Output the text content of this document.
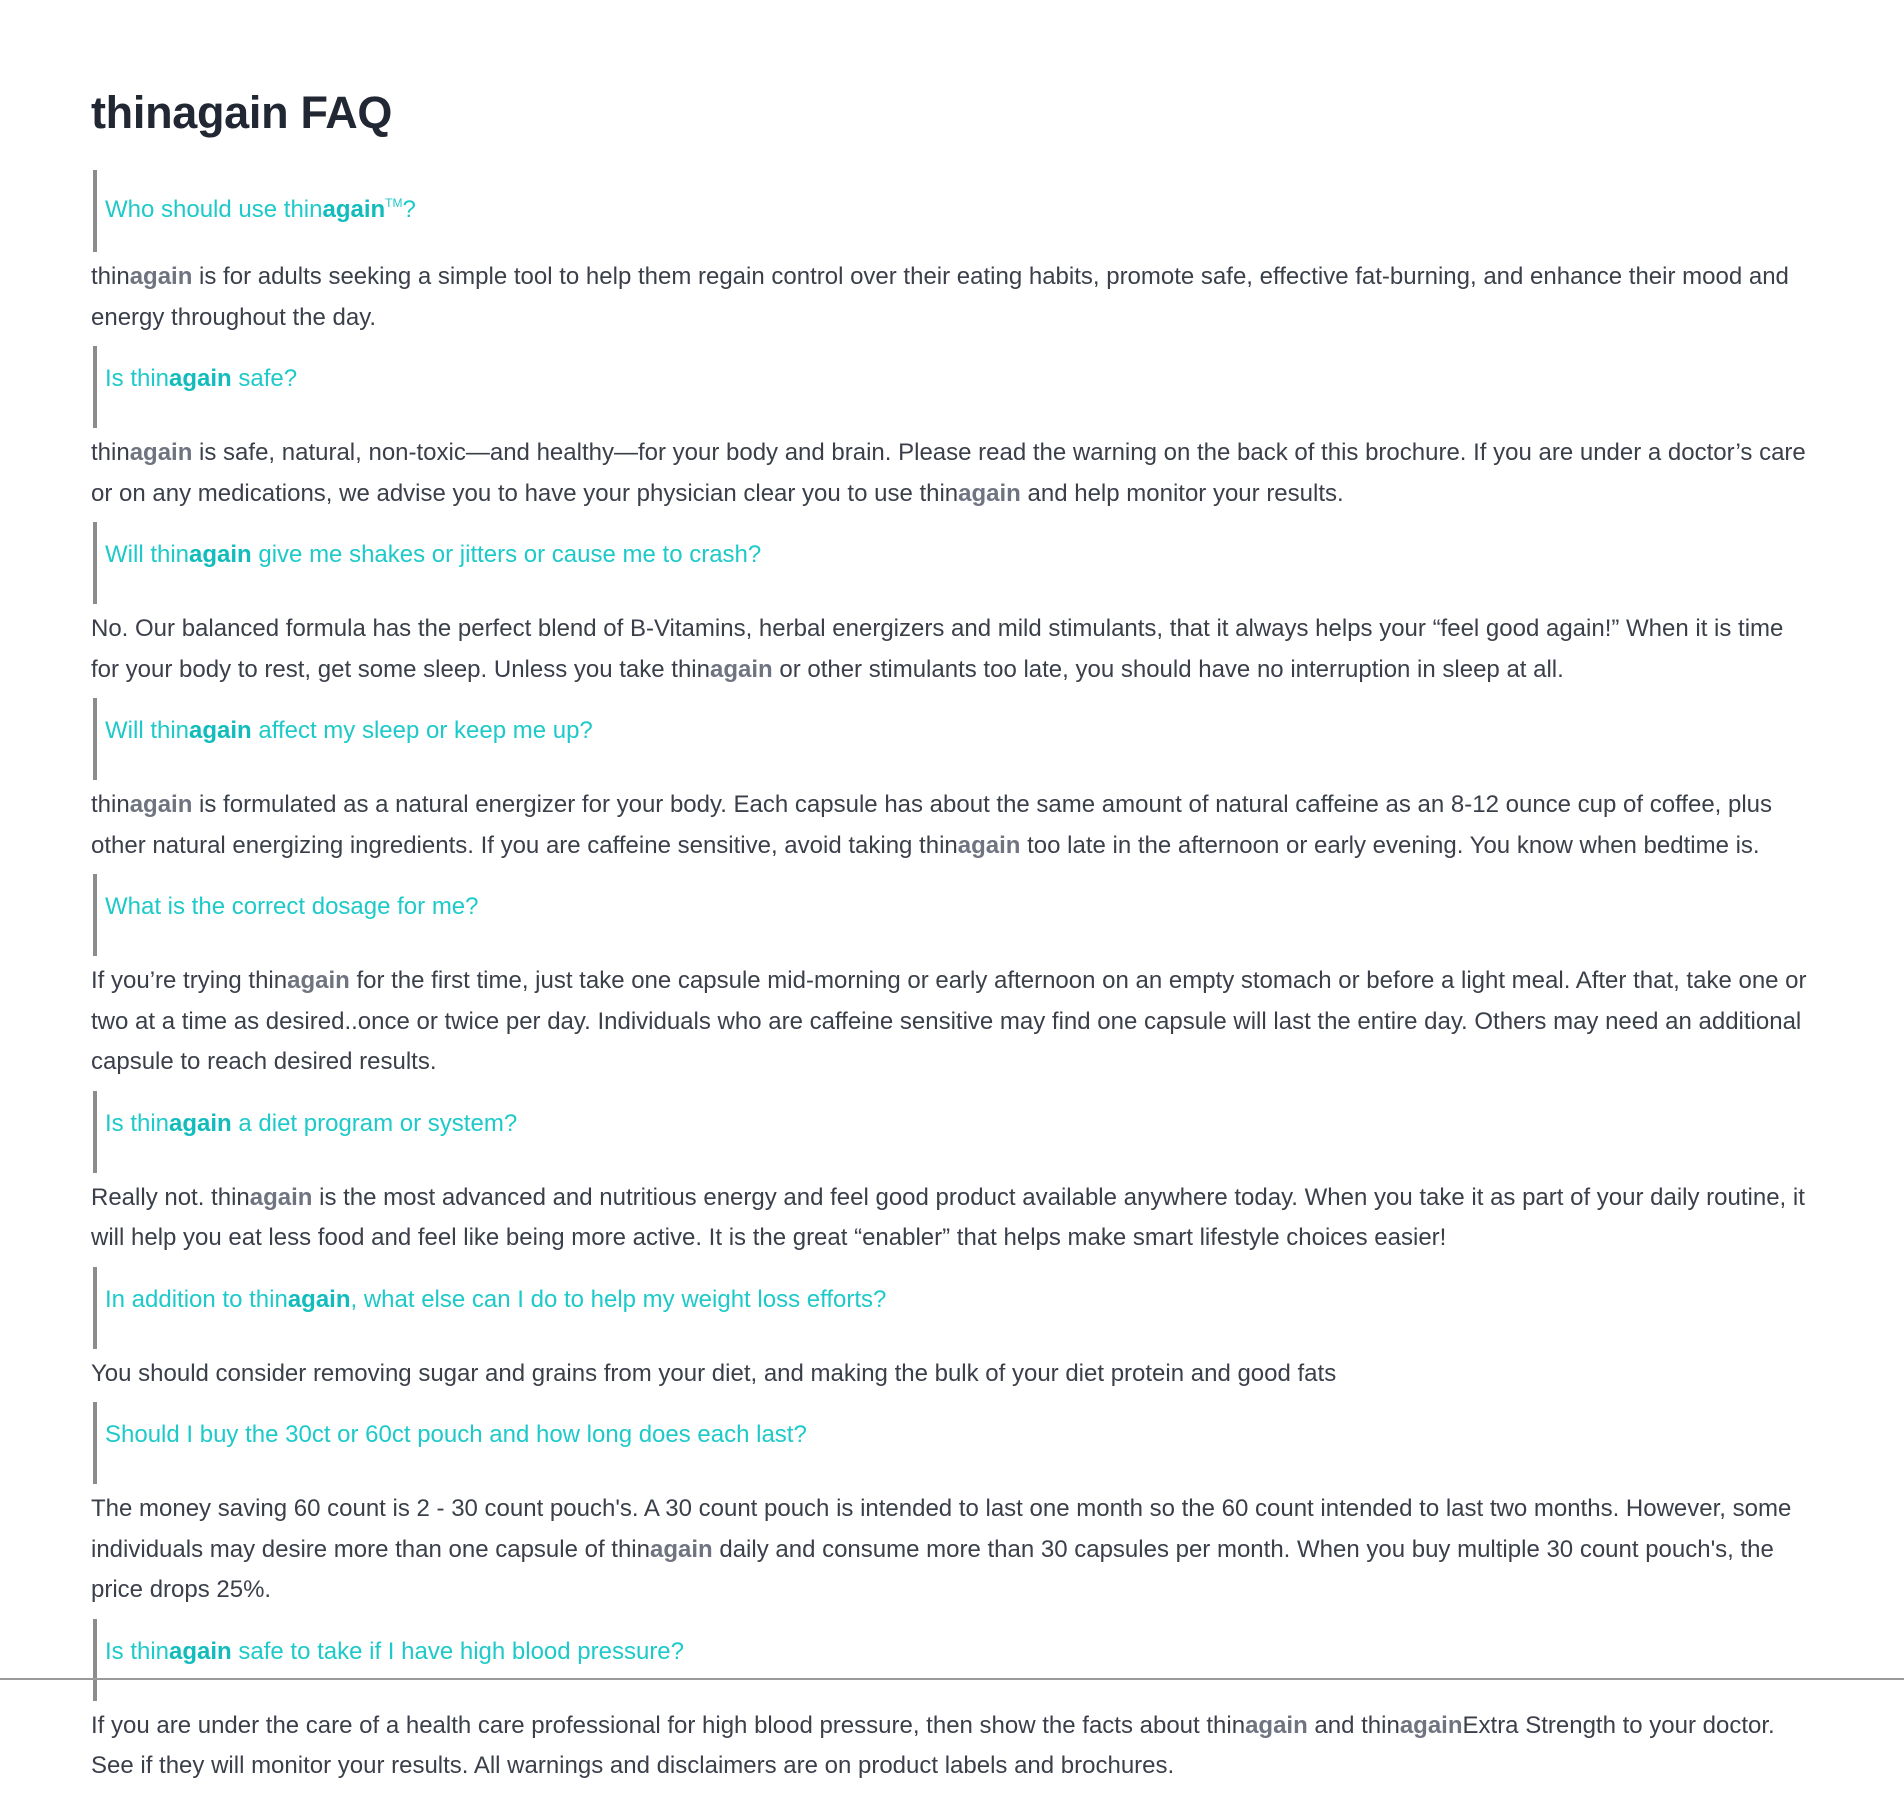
thinagain FAQ
Who should use thinagain™?

thinagain is for adults seeking a simple tool to help them regain control over their eating habits, promote safe, effective fat-burning, and enhance their mood and energy throughout the day.

Is thinagain safe?

thinagain is safe, natural, non-toxic—and healthy—for your body and brain. Please read the warning on the back of this brochure. If you are under a doctor’s care or on any medications, we advise you to have your physician clear you to use thinagain and help monitor your results.

Will thinagain give me shakes or jitters or cause me to crash?

No. Our balanced formula has the perfect blend of B-Vitamins, herbal energizers and mild stimulants, that it always helps your “feel good again!” When it is time for your body to rest, get some sleep. Unless you take thinagain or other stimulants too late, you should have no interruption in sleep at all.

Will thinagain affect my sleep or keep me up?

thinagain is formulated as a natural energizer for your body. Each capsule has about the same amount of natural caffeine as an 8-12 ounce cup of coffee, plus other natural energizing ingredients. If you are caffeine sensitive, avoid taking thinagain too late in the afternoon or early evening. You know when bedtime is.

What is the correct dosage for me?

If you’re trying thinagain for the first time, just take one capsule mid-morning or early afternoon on an empty stomach or before a light meal. After that, take one or two at a time as desired..once or twice per day. Individuals who are caffeine sensitive may find one capsule will last the entire day. Others may need an additional capsule to reach desired results.

Is thinagain a diet program or system?

Really not. thinagain is the most advanced and nutritious energy and feel good product available anywhere today. When you take it as part of your daily routine, it will help you eat less food and feel like being more active. It is the great “enabler” that helps make smart lifestyle choices easier!

In addition to thinagain, what else can I do to help my weight loss efforts?

You should consider removing sugar and grains from your diet, and making the bulk of your diet protein and good fats

Should I buy the 30ct or 60ct pouch and how long does each last?

The money saving 60 count is 2 - 30 count pouch's. A 30 count pouch is intended to last one month so the 60 count intended to last two months. However, some individuals may desire more than one capsule of thinagain daily and consume more than 30 capsules per month. When you buy multiple 30 count pouch's, the price drops 25%.

Is thinagain safe to take if I have high blood pressure?

If you are under the care of a health care professional for high blood pressure, then show the facts about thinagain and thinagainExtra Strength to your doctor. See if they will monitor your results. All warnings and disclaimers are on product labels and brochures.
